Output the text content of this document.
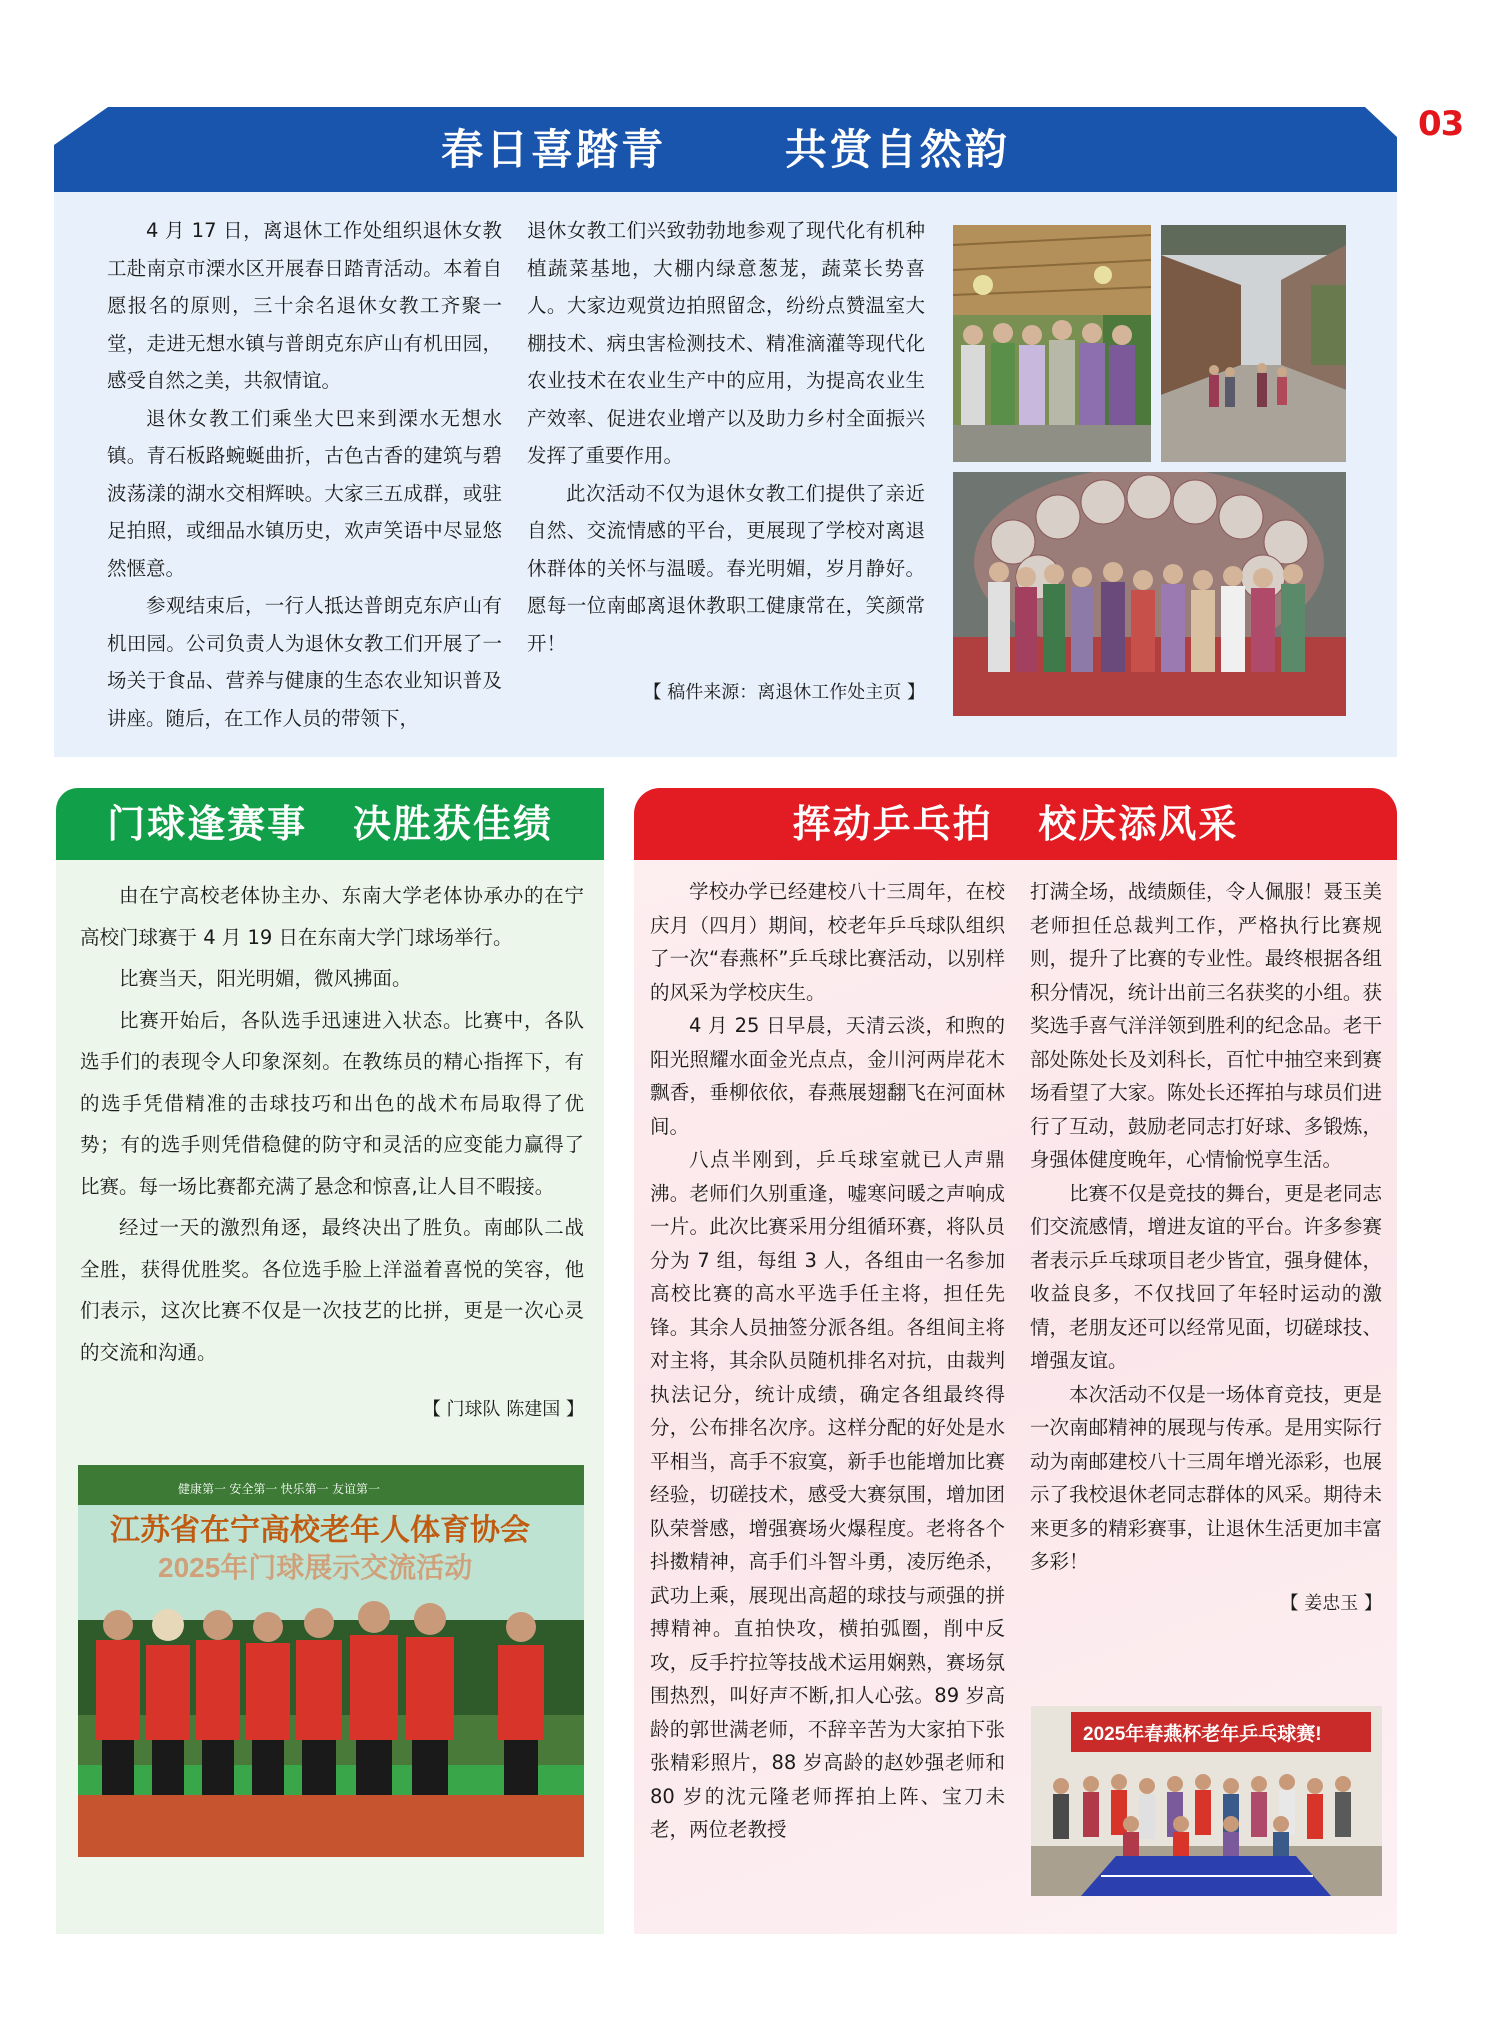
03
春日喜踏青   共赏自然韵

4 月 17 日，离退休工作处组织退休女教工赴南京市溧水区开展春日踏青活动。本着自愿报名的原则，三十余名退休女教工齐聚一堂，走进无想水镇与普朗克东庐山有机田园，感受自然之美，共叙情谊。

退休女教工们乘坐大巴来到溧水无想水镇。青石板路蜿蜒曲折，古色古香的建筑与碧波荡漾的湖水交相辉映。大家三五成群，或驻足拍照，或细品水镇历史，欢声笑语中尽显悠然惬意。

参观结束后，一行人抵达普朗克东庐山有机田园。公司负责人为退休女教工们开展了一场关于食品、营养与健康的生态农业知识普及讲座。随后，在工作人员的带领下，

退休女教工们兴致勃勃地参观了现代化有机种植蔬菜基地，大棚内绿意葱茏，蔬菜长势喜人。大家边观赏边拍照留念，纷纷点赞温室大棚技术、病虫害检测技术、精准滴灌等现代化农业技术在农业生产中的应用，为提高农业生产效率、促进农业增产以及助力乡村全面振兴发挥了重要作用。

此次活动不仅为退休女教工们提供了亲近自然、交流情感的平台，更展现了学校对离退休群体的关怀与温暖。春光明媚，岁月静好。愿每一位南邮离退休教职工健康常在，笑颜常开！

【 稿件来源：离退休工作处主页 】
门球逢赛事   决胜获佳绩

由在宁高校老体协主办、东南大学老体协承办的在宁高校门球赛于 4 月 19 日在东南大学门球场举行。

比赛当天，阳光明媚，微风拂面。

比赛开始后，各队选手迅速进入状态。比赛中，各队选手们的表现令人印象深刻。在教练员的精心指挥下，有的选手凭借精准的击球技巧和出色的战术布局取得了优势；有的选手则凭借稳健的防守和灵活的应变能力赢得了比赛。每一场比赛都充满了悬念和惊喜,让人目不暇接。

经过一天的激烈角逐，最终决出了胜负。南邮队二战全胜，获得优胜奖。各位选手脸上洋溢着喜悦的笑容，他们表示，这次比赛不仅是一次技艺的比拼，更是一次心灵的交流和沟通。

【 门球队 陈建国 】
健康第一 安全第一 快乐第一 友谊第一
江苏省在宁高校老年人体育协会
2025年门球展示交流活动
挥动乒乓拍   校庆添风采

学校办学已经建校八十三周年，在校庆月（四月）期间，校老年乒乓球队组织了一次“春燕杯”乒乓球比赛活动，以别样的风采为学校庆生。

4 月 25 日早晨，天清云淡，和煦的阳光照耀水面金光点点，金川河两岸花木飘香，垂柳依依，春燕展翅翻飞在河面林间。

八点半刚到，乒乓球室就已人声鼎沸。老师们久别重逢，嘘寒问暖之声响成一片。此次比赛采用分组循环赛，将队员分为 7 组，每组 3 人，各组由一名参加高校比赛的高水平选手任主将，担任先锋。其余人员抽签分派各组。各组间主将对主将，其余队员随机排名对抗，由裁判执法记分，统计成绩，确定各组最终得分，公布排名次序。这样分配的好处是水平相当，高手不寂寞，新手也能增加比赛经验，切磋技术，感受大赛氛围，增加团队荣誉感，增强赛场火爆程度。老将各个抖擞精神，高手们斗智斗勇，凌厉绝杀，武功上乘，展现出高超的球技与顽强的拼搏精神。直拍快攻，横拍弧圈，削中反攻，反手拧拉等技战术运用娴熟，赛场氛围热烈，叫好声不断,扣人心弦。89 岁高龄的郭世满老师，不辞辛苦为大家拍下张张精彩照片，88 岁高龄的赵妙强老师和 80 岁的沈元隆老师挥拍上阵、宝刀未老，两位老教授

打满全场，战绩颇佳，令人佩服！聂玉美老师担任总裁判工作，严格执行比赛规则，提升了比赛的专业性。最终根据各组积分情况，统计出前三名获奖的小组。获奖选手喜气洋洋领到胜利的纪念品。老干部处陈处长及刘科长，百忙中抽空来到赛场看望了大家。陈处长还挥拍与球员们进行了互动，鼓励老同志打好球、多锻炼，身强体健度晚年，心情愉悦享生活。

比赛不仅是竞技的舞台，更是老同志们交流感情，增进友谊的平台。许多参赛者表示乒乓球项目老少皆宜，强身健体，收益良多，不仅找回了年轻时运动的激情，老朋友还可以经常见面，切磋球技、增强友谊。

本次活动不仅是一场体育竞技，更是一次南邮精神的展现与传承。是用实际行动为南邮建校八十三周年增光添彩，也展示了我校退休老同志群体的风采。期待未来更多的精彩赛事，让退休生活更加丰富多彩！

【 姜忠玉 】
2025年春燕杯老年乒乓球赛!
